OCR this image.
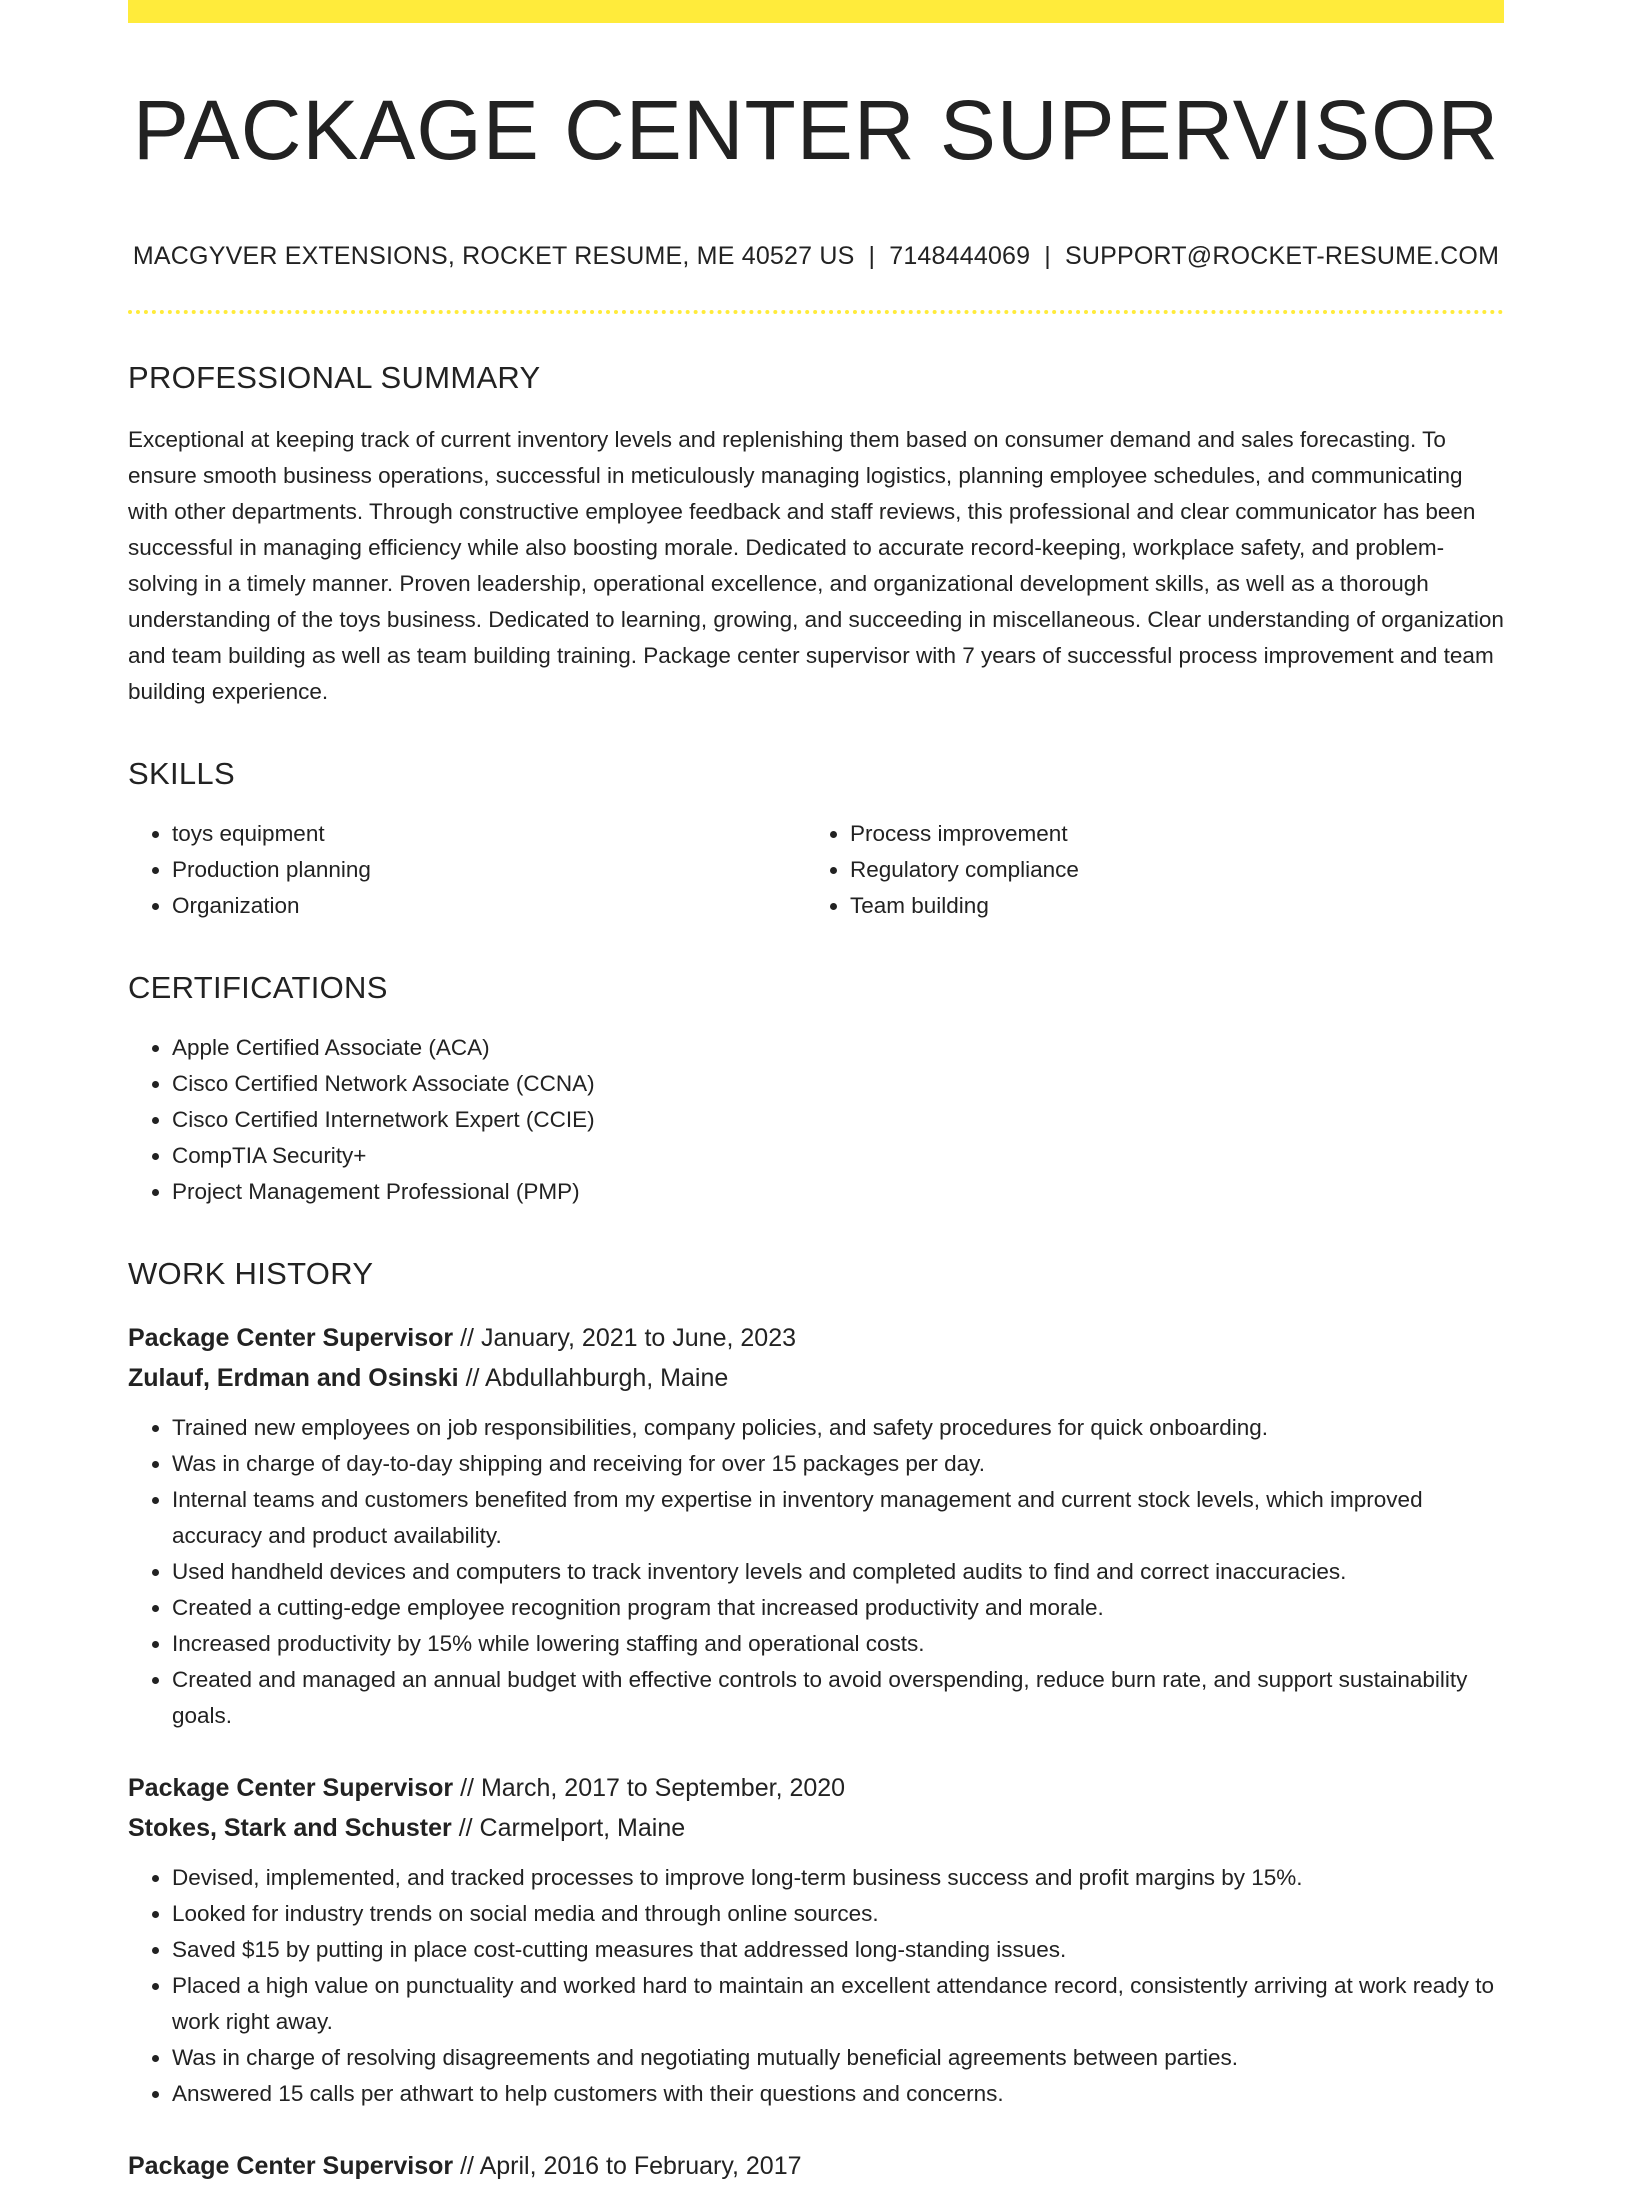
PACKAGE CENTER SUPERVISOR
MACGYVER EXTENSIONS, ROCKET RESUME, ME 40527 US | 7148444069 | SUPPORT@ROCKET-RESUME.COM
PROFESSIONAL SUMMARY
Exceptional at keeping track of current inventory levels and replenishing them based on consumer demand and sales forecasting. To ensure smooth business operations, successful in meticulously managing logistics, planning employee schedules, and communicating with other departments. Through constructive employee feedback and staff reviews, this professional and clear communicator has been successful in managing efficiency while also boosting morale. Dedicated to accurate record-keeping, workplace safety, and problem-solving in a timely manner. Proven leadership, operational excellence, and organizational development skills, as well as a thorough understanding of the toys business. Dedicated to learning, growing, and succeeding in miscellaneous. Clear understanding of organization and team building as well as team building training. Package center supervisor with 7 years of successful process improvement and team building experience.
SKILLS
• toys equipment
• Production planning
• Organization
• Process improvement
• Regulatory compliance
• Team building
CERTIFICATIONS
• Apple Certified Associate (ACA)
• Cisco Certified Network Associate (CCNA)
• Cisco Certified Internetwork Expert (CCIE)
• CompTIA Security+
• Project Management Professional (PMP)
WORK HISTORY
Package Center Supervisor // January, 2021 to June, 2023
Zulauf, Erdman and Osinski // Abdullahburgh, Maine
• Trained new employees on job responsibilities, company policies, and safety procedures for quick onboarding.
• Was in charge of day-to-day shipping and receiving for over 15 packages per day.
• Internal teams and customers benefited from my expertise in inventory management and current stock levels, which improved accuracy and product availability.
• Used handheld devices and computers to track inventory levels and completed audits to find and correct inaccuracies.
• Created a cutting-edge employee recognition program that increased productivity and morale.
• Increased productivity by 15% while lowering staffing and operational costs.
• Created and managed an annual budget with effective controls to avoid overspending, reduce burn rate, and support sustainability goals.
Package Center Supervisor // March, 2017 to September, 2020
Stokes, Stark and Schuster // Carmelport, Maine
• Devised, implemented, and tracked processes to improve long-term business success and profit margins by 15%.
• Looked for industry trends on social media and through online sources.
• Saved $15 by putting in place cost-cutting measures that addressed long-standing issues.
• Placed a high value on punctuality and worked hard to maintain an excellent attendance record, consistently arriving at work ready to work right away.
• Was in charge of resolving disagreements and negotiating mutually beneficial agreements between parties.
• Answered 15 calls per athwart to help customers with their questions and concerns.
Package Center Supervisor // April, 2016 to February, 2017
